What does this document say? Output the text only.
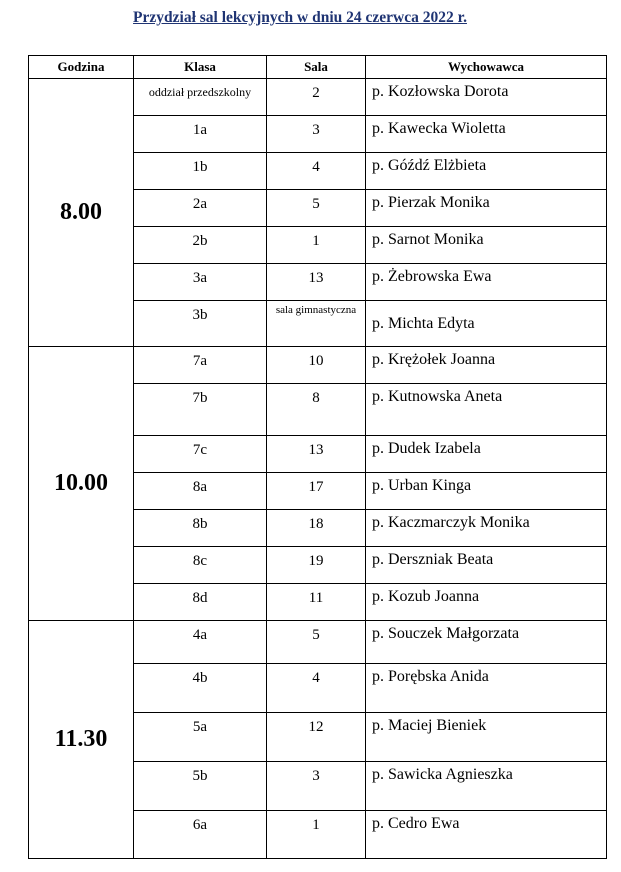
Przydział sal lekcyjnych w dniu 24 czerwca 2022 r.
Godzina	Klasa	Sala	Wychowawca
8.00	oddział przedszkolny	2	p. Kozłowska Dorota
	1a	3	p. Kawecka Wioletta
	1b	4	p. Góźdź Elżbieta
	2a	5	p. Pierzak Monika
	2b	1	p. Sarnot Monika
	3a	13	p. Żebrowska Ewa
	3b	sala gimnastyczna	p. Michta Edyta
10.00	7a	10	p. Krężołek Joanna
	7b	8	p. Kutnowska Aneta
	7c	13	p. Dudek Izabela
	8a	17	p. Urban Kinga
	8b	18	p. Kaczmarczyk Monika
	8c	19	p. Derszniak Beata
	8d	11	p. Kozub Joanna
11.30	4a	5	p. Souczek Małgorzata
	4b	4	p. Porębska Anida
	5a	12	p. Maciej Bieniek
	5b	3	p. Sawicka Agnieszka
	6a	1	p. Cedro Ewa
